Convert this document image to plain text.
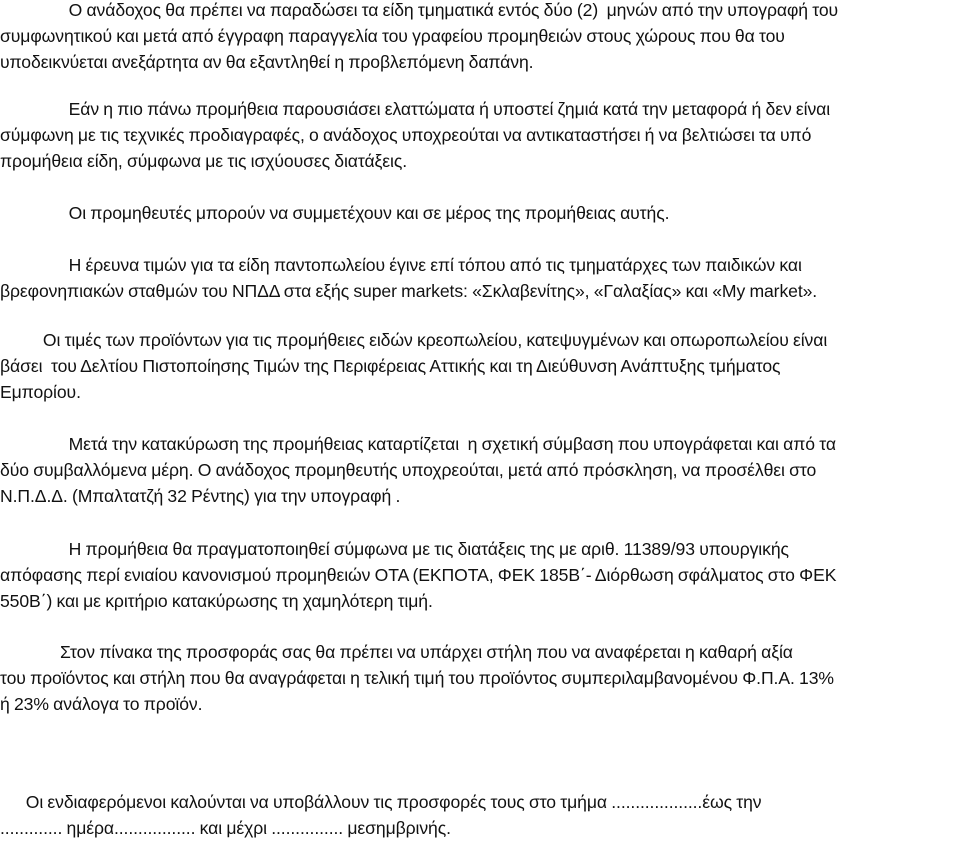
Ο ανάδοχος θα πρέπει να παραδώσει τα είδη τμηματικά εντός δύο (2)  μηνών από την υπογραφή του
συμφωνητικού και μετά από έγγραφη παραγγελία του γραφείου προμηθειών στους χώρους που θα του
υποδεικνύεται ανεξάρτητα αν θα εξαντληθεί η προβλεπόμενη δαπάνη.

Εάν η πιο πάνω προμήθεια παρουσιάσει ελαττώματα ή υποστεί ζημιά κατά την μεταφορά ή δεν είναι
σύμφωνη με τις τεχνικές προδιαγραφές, ο ανάδοχος υποχρεούται να αντικαταστήσει ή να βελτιώσει τα υπό
προμήθεια είδη, σύμφωνα με τις ισχύουσες διατάξεις.

Οι προμηθευτές μπορούν να συμμετέχουν και σε μέρος της προμήθειας αυτής.

Η έρευνα τιμών για τα είδη παντοπωλείου έγινε επί τόπου από τις τμηματάρχες των παιδικών και
βρεφονηπιακών σταθμών του ΝΠΔΔ στα εξής super markets: «Σκλαβενίτης», «Γαλαξίας» και «My market».

Οι τιμές των προϊόντων για τις προμήθειες ειδών κρεοπωλείου, κατεψυγμένων και οπωροπωλείου είναι
βάσει  του Δελτίου Πιστοποίησης Τιμών της Περιφέρειας Αττικής και τη Διεύθυνση Ανάπτυξης τμήματος
Εμπορίου.

Μετά την κατακύρωση της προμήθειας καταρτίζεται  η σχετική σύμβαση που υπογράφεται και από τα
δύο συμβαλλόμενα μέρη. Ο ανάδοχος προμηθευτής υποχρεούται, μετά από πρόσκληση, να προσέλθει στο
Ν.Π.Δ.Δ. (Μπαλτατζή 32 Ρέντης) για την υπογραφή .

Η προμήθεια θα πραγματοποιηθεί σύμφωνα με τις διατάξεις της με αριθ. 11389/93 υπουργικής
απόφασης περί ενιαίου κανονισμού προμηθειών ΟΤΑ (ΕΚΠΟΤΑ, ΦΕΚ 185Β΄- Διόρθωση σφάλματος στο ΦΕΚ
550Β΄) και με κριτήριο κατακύρωσης τη χαμηλότερη τιμή.

Στον πίνακα της προσφοράς σας θα πρέπει να υπάρχει στήλη που να αναφέρεται η καθαρή αξία
του προϊόντος και στήλη που θα αναγράφεται η τελική τιμή του προϊόντος συμπεριλαμβανομένου Φ.Π.Α. 13%
ή 23% ανάλογα το προϊόν.

Οι ενδιαφερόμενοι καλούνται να υποβάλλουν τις προσφορές τους στο τμήμα ...................έως την
............. ημέρα................. και μέχρι ............... μεσημβρινής.
